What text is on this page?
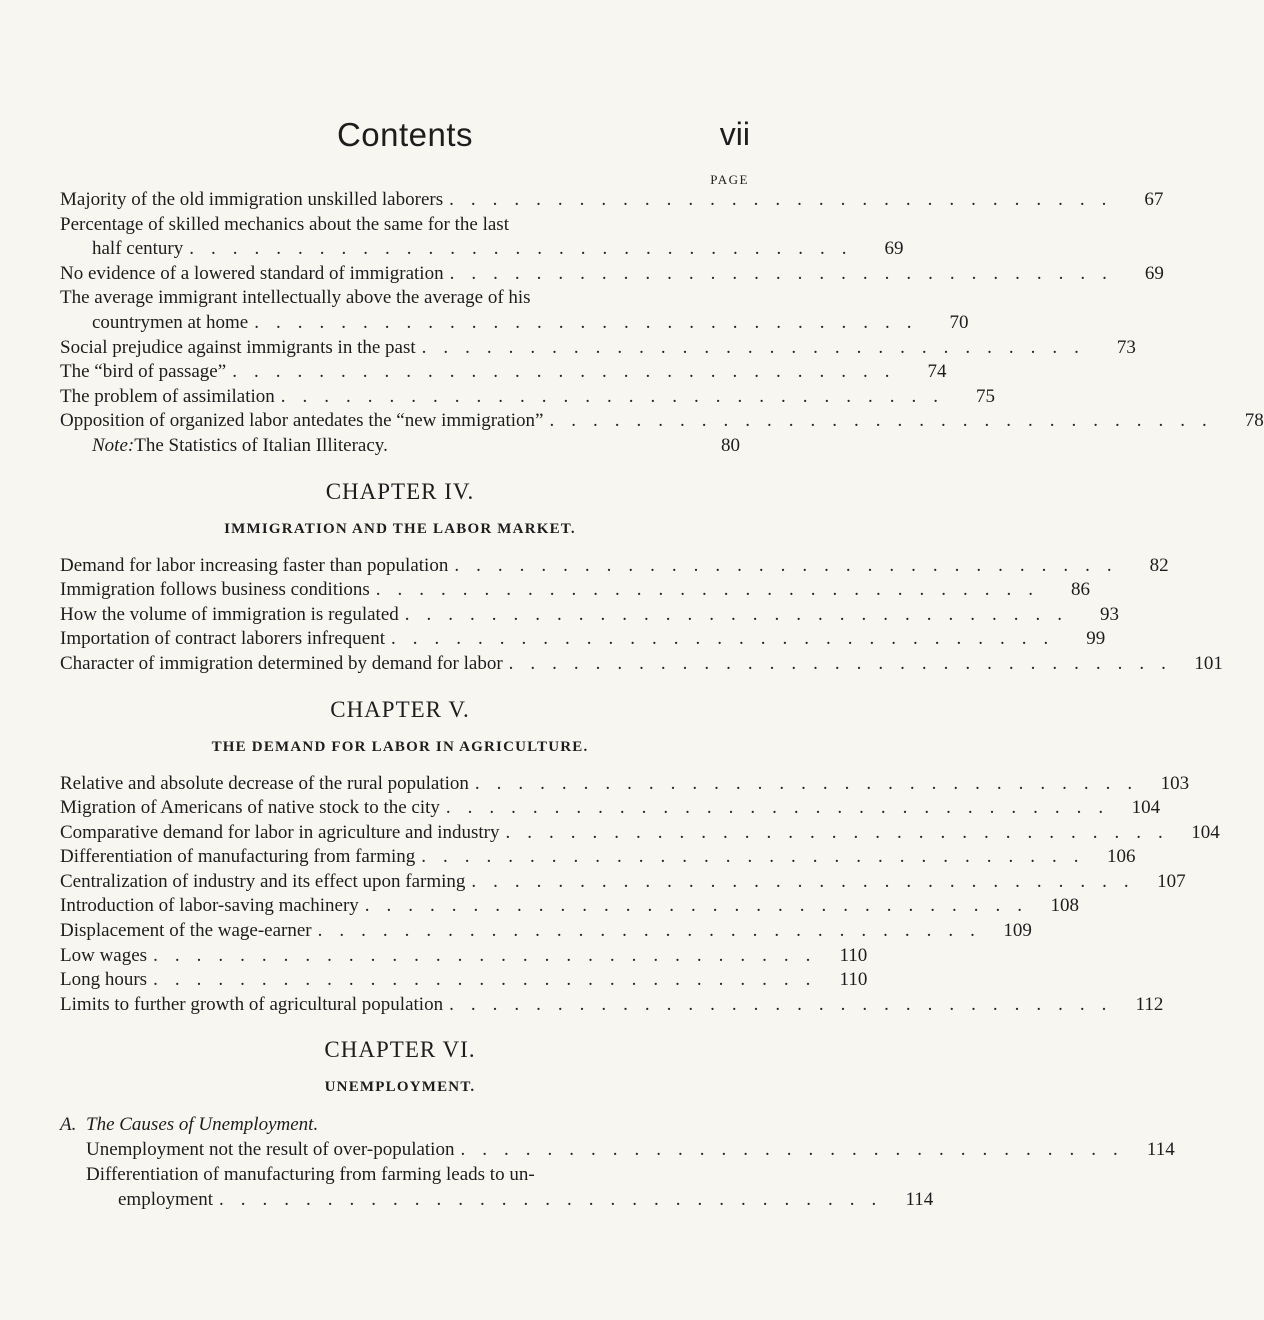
Contents	vii
PAGE
Majority of the old immigration unskilled laborers ...............................	67
Percentage of skilled mechanics about the same for the last
half century ...............................	69
No evidence of a lowered standard of immigration ...............................	69
The average immigrant intellectually above the average of his
countrymen at home ...............................	70
Social prejudice against immigrants in the past ...............................	73
The “bird of passage” ...............................	74
The problem of assimilation ...............................	75
Opposition of organized labor antedates the “new immigration” ...............................	78
Note: The Statistics of Italian Illiteracy.	80
CHAPTER IV.
IMMIGRATION AND THE LABOR MARKET.
Demand for labor increasing faster than population ...............................	82
Immigration follows business conditions ...............................	86
How the volume of immigration is regulated ...............................	93
Importation of contract laborers infrequent ...............................	99
Character of immigration determined by demand for labor ............................... 101
CHAPTER V.
THE DEMAND FOR LABOR IN AGRICULTURE.
Relative and absolute decrease of the rural population ............................... 103
Migration of Americans of native stock to the city ............................... 104
Comparative demand for labor in agriculture and industry ............................... 104
Differentiation of manufacturing from farming ............................... 106
Centralization of industry and its effect upon farming ............................... 107
Introduction of labor-saving machinery ............................... 108
Displacement of the wage-earner ............................... 109
Low wages ............................... 110
Long hours ............................... 110
Limits to further growth of agricultural population ............................... 112
CHAPTER VI.
UNEMPLOYMENT.
A. The Causes of Unemployment.
Unemployment not the result of over-population ............................... 114
Differentiation of manufacturing from farming leads to un-
employment ............................... 114
